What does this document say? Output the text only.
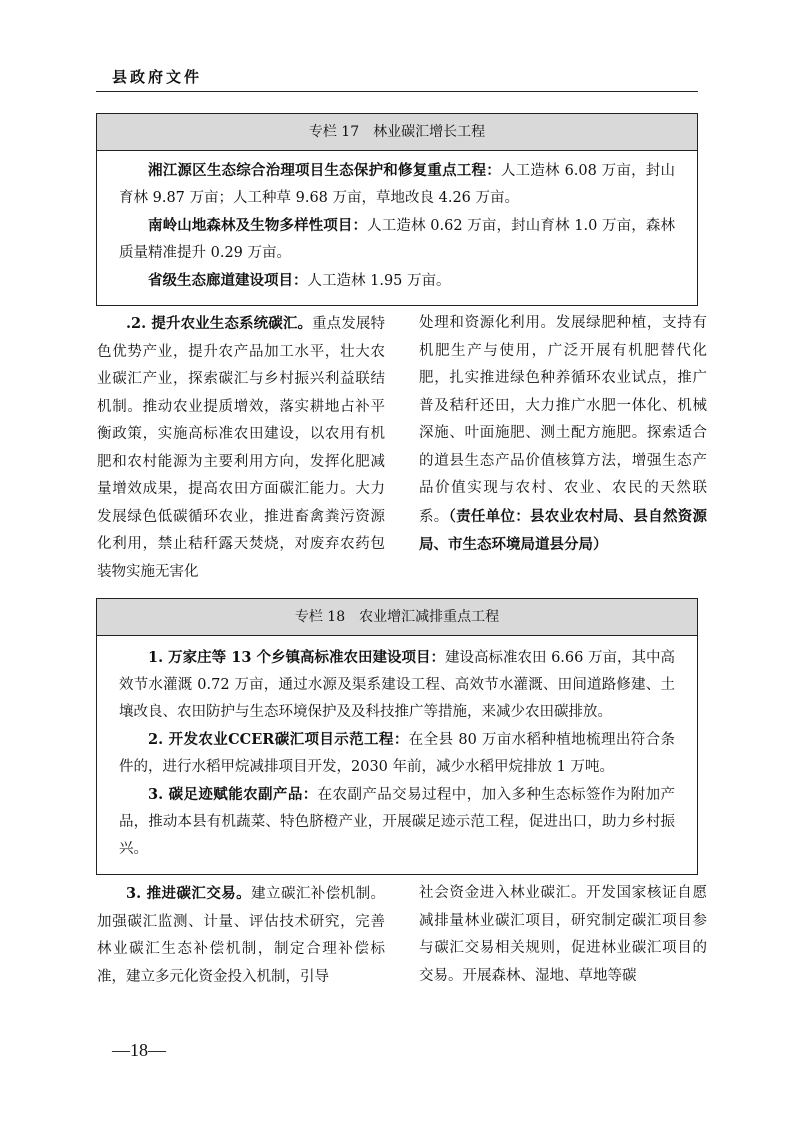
县政府文件
专栏 17　林业碳汇增长工程

湘江源区生态综合治理项目生态保护和修复重点工程：人工造林 6.08 万亩，封山育林 9.87 万亩；人工种草 9.68 万亩，草地改良 4.26 万亩。

南岭山地森林及生物多样性项目：人工造林 0.62 万亩，封山育林 1.0 万亩，森林质量精准提升 0.29 万亩。

省级生态廊道建设项目：人工造林 1.95 万亩。

.2. 提升农业生态系统碳汇。重点发展特色优势产业，提升农产品加工水平，壮大农业碳汇产业，探索碳汇与乡村振兴利益联结机制。推动农业提质增效，落实耕地占补平衡政策，实施高标准农田建设，以农用有机肥和农村能源为主要利用方向，发挥化肥减量增效成果，提高农田方面碳汇能力。大力发展绿色低碳循环农业，推进畜禽粪污资源化利用，禁止秸秆露天焚烧，对废弃农药包装物实施无害化

处理和资源化利用。发展绿肥种植，支持有机肥生产与使用，广泛开展有机肥替代化肥，扎实推进绿色种养循环农业试点，推广普及秸秆还田，大力推广水肥一体化、机械深施、叶面施肥、测土配方施肥。探索适合的道县生态产品价值核算方法，增强生态产品价值实现与农村、农业、农民的天然联系。（责任单位：县农业农村局、县自然资源局、市生态环境局道县分局）

专栏 18　农业增汇减排重点工程

1. 万家庄等 13 个乡镇高标准农田建设项目：建设高标准农田 6.66 万亩，其中高效节水灌溉 0.72 万亩，通过水源及渠系建设工程、高效节水灌溉、田间道路修建、土壤改良、农田防护与生态环境保护及及科技推广等措施，来减少农田碳排放。

2. 开发农业CCER碳汇项目示范工程：在全县 80 万亩水稻种植地梳理出符合条件的，进行水稻甲烷减排项目开发，2030 年前，减少水稻甲烷排放 1 万吨。

3. 碳足迹赋能农副产品：在农副产品交易过程中，加入多种生态标签作为附加产品，推动本县有机蔬菜、特色脐橙产业，开展碳足迹示范工程，促进出口，助力乡村振兴。

3. 推进碳汇交易。建立碳汇补偿机制。加强碳汇监测、计量、评估技术研究，完善林业碳汇生态补偿机制，制定合理补偿标准，建立多元化资金投入机制，引导

社会资金进入林业碳汇。开发国家核证自愿减排量林业碳汇项目，研究制定碳汇项目参与碳汇交易相关规则，促进林业碳汇项目的交易。开展森林、湿地、草地等碳

—18—
